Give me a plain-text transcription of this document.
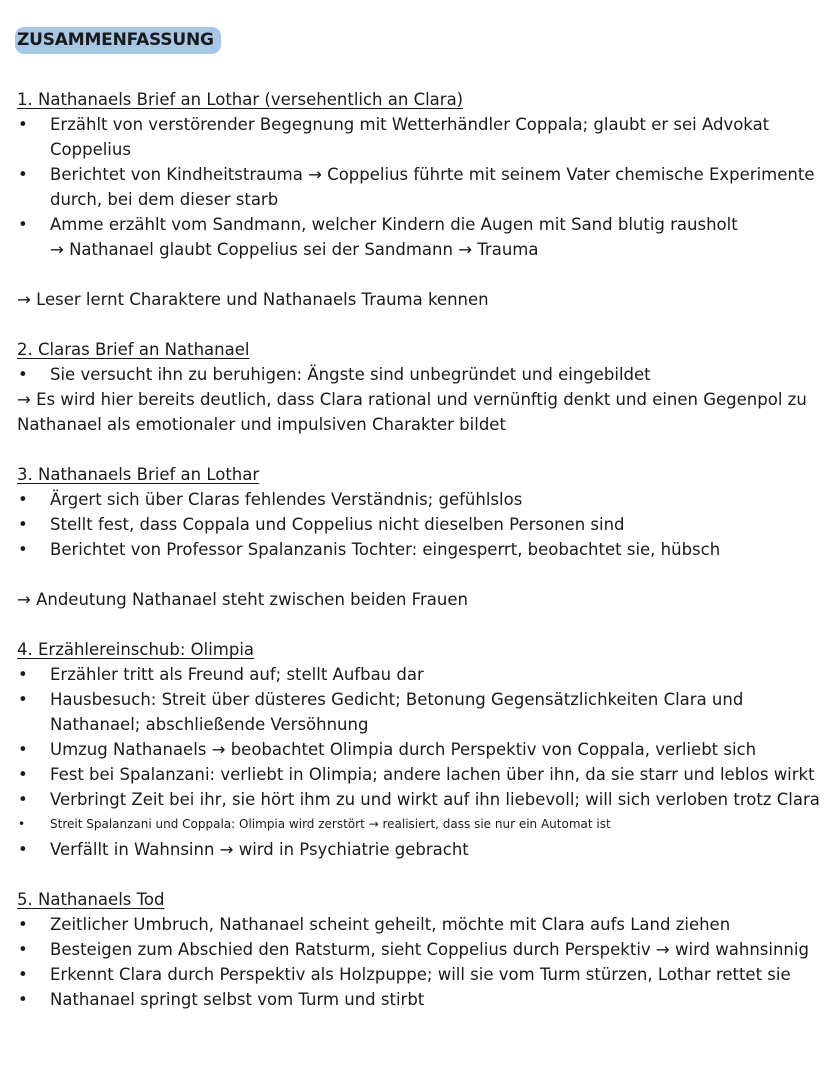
ZUSAMMENFASSUNG
1. Nathanaels Brief an Lothar (versehentlich an Clara)
• Erzählt von verstörender Begegnung mit Wetterhändler Coppala; glaubt er sei Advokat Coppelius
• Berichtet von Kindheitstrauma → Coppelius führte mit seinem Vater chemische Experimente durch, bei dem dieser starb
• Amme erzählt vom Sandmann, welcher Kindern die Augen mit Sand blutig rausholt
→ Nathanael glaubt Coppelius sei der Sandmann → Trauma
→ Leser lernt Charaktere und Nathanaels Trauma kennen
2. Claras Brief an Nathanael
• Sie versucht ihn zu beruhigen: Ängste sind unbegründet und eingebildet
→ Es wird hier bereits deutlich, dass Clara rational und vernünftig denkt und einen Gegenpol zu Nathanael als emotionaler und impulsiven Charakter bildet
3. Nathanaels Brief an Lothar
• Ärgert sich über Claras fehlendes Verständnis; gefühlslos
• Stellt fest, dass Coppala und Coppelius nicht dieselben Personen sind
• Berichtet von Professor Spalanzanis Tochter: eingesperrt, beobachtet sie, hübsch
→ Andeutung Nathanael steht zwischen beiden Frauen
4. Erzählereinschub: Olimpia
• Erzähler tritt als Freund auf; stellt Aufbau dar
• Hausbesuch: Streit über düsteres Gedicht; Betonung Gegensätzlichkeiten Clara und Nathanael; abschließende Versöhnung
• Umzug Nathanaels → beobachtet Olimpia durch Perspektiv von Coppala, verliebt sich
• Fest bei Spalanzani: verliebt in Olimpia; andere lachen über ihn, da sie starr und leblos wirkt
• Verbringt Zeit bei ihr, sie hört ihm zu und wirkt auf ihn liebevoll; will sich verloben trotz Clara
• Streit Spalanzani und Coppala: Olimpia wird zerstört → realisiert, dass sie nur ein Automat ist
• Verfällt in Wahnsinn → wird in Psychiatrie gebracht
5. Nathanaels Tod
• Zeitlicher Umbruch, Nathanael scheint geheilt, möchte mit Clara aufs Land ziehen
• Besteigen zum Abschied den Ratsturm, sieht Coppelius durch Perspektiv → wird wahnsinnig
• Erkennt Clara durch Perspektiv als Holzpuppe; will sie vom Turm stürzen, Lothar rettet sie
• Nathanael springt selbst vom Turm und stirbt
